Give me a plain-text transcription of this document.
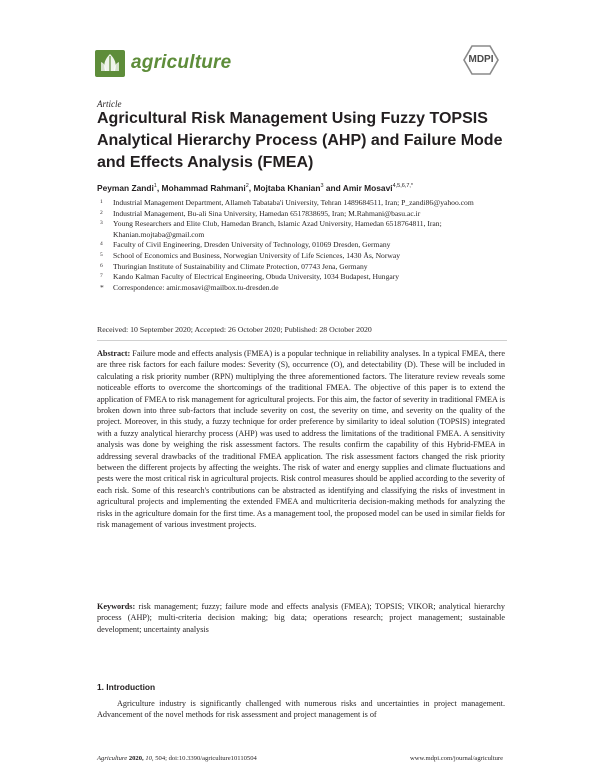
agriculture	MDPI
Article
Agricultural Risk Management Using Fuzzy TOPSIS Analytical Hierarchy Process (AHP) and Failure Mode and Effects Analysis (FMEA)
Peyman Zandi$^1$, Mohammad Rahmani$^2$, Mojtaba Khanian$^3$ and Amir Mosavi$^{4,5,6,7,*}$
1 Industrial Management Department, Allameh Tabataba'i University, Tehran 1489684511, Iran; P_zandi86@yahoo.com
2 Industrial Management, Bu-ali Sina University, Hamedan 6517838695, Iran; M.Rahmani@basu.ac.ir
3 Young Researchers and Elite Club, Hamedan Branch, Islamic Azad University, Hamedan 6518764811, Iran; Khanian.mojtaba@gmail.com
4 Faculty of Civil Engineering, Dresden University of Technology, 01069 Dresden, Germany
5 School of Economics and Business, Norwegian University of Life Sciences, 1430 Ås, Norway
6 Thuringian Institute of Sustainability and Climate Protection, 07743 Jena, Germany
7 Kando Kalman Faculty of Electrical Engineering, Obuda University, 1034 Budapest, Hungary
* Correspondence: amir.mosavi@mailbox.tu-dresden.de
Received: 10 September 2020; Accepted: 26 October 2020; Published: 28 October 2020
Abstract: Failure mode and effects analysis (FMEA) is a popular technique in reliability analyses. In a typical FMEA, there are three risk factors for each failure modes: Severity (S), occurrence (O), and detectability (D). These will be included in calculating a risk priority number (RPN) multiplying the three aforementioned factors. The literature review reveals some noticeable efforts to overcome the shortcomings of the traditional FMEA. The objective of this paper is to extend the application of FMEA to risk management for agricultural projects. For this aim, the factor of severity in traditional FMEA is broken down into three sub-factors that include severity on cost, the severity on time, and severity on the quality of the project. Moreover, in this study, a fuzzy technique for order preference by similarity to ideal solution (TOPSIS) integrated with a fuzzy analytical hierarchy process (AHP) was used to address the limitations of the traditional FMEA. A sensitivity analysis was done by weighing the risk assessment factors. The results confirm the capability of this Hybrid-FMEA in addressing several drawbacks of the traditional FMEA application. The risk assessment factors changed the risk priority between the different projects by affecting the weights. The risk of water and energy supplies and climate fluctuations and pests were the most critical risk in agricultural projects. Risk control measures should be applied according to the severity of each risk. Some of this research's contributions can be abstracted as identifying and classifying the risks of investment in agricultural projects and implementing the extended FMEA and multicriteria decision-making methods for analyzing the risks in the agriculture domain for the first time. As a management tool, the proposed model can be used in similar fields for risk management of various investment projects.
Keywords: risk management; fuzzy; failure mode and effects analysis (FMEA); TOPSIS; VIKOR; analytical hierarchy process (AHP); multi-criteria decision making; big data; operations research; project management; sustainable development; uncertainty analysis
1. Introduction
Agriculture industry is significantly challenged with numerous risks and uncertainties in project management. Advancement of the novel methods for risk assessment and project management is of
Agriculture 2020, 10, 504; doi:10.3390/agriculture10110504	www.mdpi.com/journal/agriculture
